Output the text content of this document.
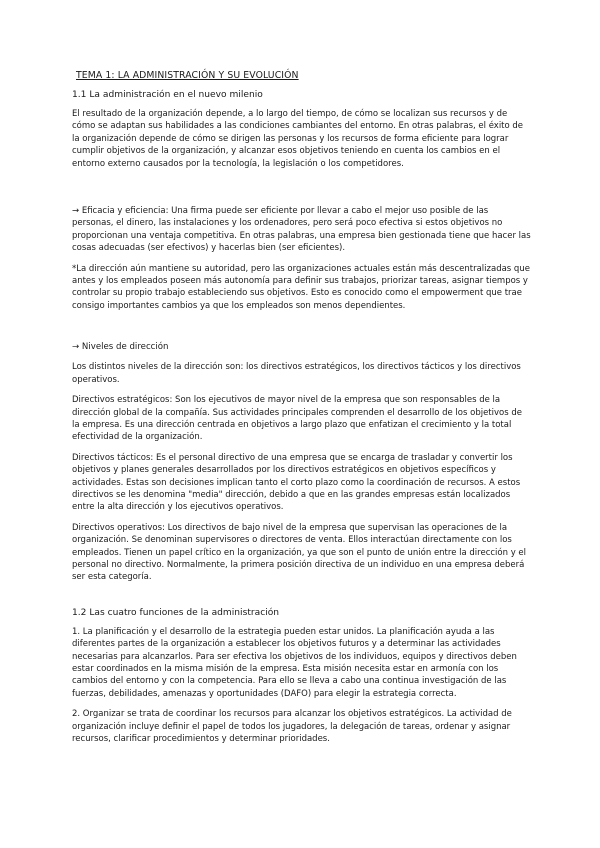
TEMA 1: LA ADMINISTRACIÓN Y SU EVOLUCIÓN
1.1 La administración en el nuevo milenio

El resultado de la organización depende, a lo largo del tiempo, de cómo se localizan sus recursos y de cómo se adaptan sus habilidades a las condiciones cambiantes del entorno. En otras palabras, el éxito de la organización depende de cómo se dirigen las personas y los recursos de forma eficiente para lograr cumplir objetivos de la organización, y alcanzar esos objetivos teniendo en cuenta los cambios en el entorno externo causados por la tecnología, la legislación o los competidores.

→ Eficacia y eficiencia: Una firma puede ser eficiente por llevar a cabo el mejor uso posible de las personas, el dinero, las instalaciones y los ordenadores, pero será poco efectiva si estos objetivos no proporcionan una ventaja competitiva. En otras palabras, una empresa bien gestionada tiene que hacer las cosas adecuadas (ser efectivos) y hacerlas bien (ser eficientes).

*La dirección aún mantiene su autoridad, pero las organizaciones actuales están más descentralizadas que antes y los empleados poseen más autonomía para definir sus trabajos, priorizar tareas, asignar tiempos y controlar su propio trabajo estableciendo sus objetivos. Esto es conocido como el empowerment que trae consigo importantes cambios ya que los empleados son menos dependientes.

→ Niveles de dirección

Los distintos niveles de la dirección son: los directivos estratégicos, los directivos tácticos y los directivos operativos.

Directivos estratégicos: Son los ejecutivos de mayor nivel de la empresa que son responsables de la dirección global de la compañía. Sus actividades principales comprenden el desarrollo de los objetivos de la empresa. Es una dirección centrada en objetivos a largo plazo que enfatizan el crecimiento y la total efectividad de la organización.

Directivos tácticos: Es el personal directivo de una empresa que se encarga de trasladar y convertir los objetivos y planes generales desarrollados por los directivos estratégicos en objetivos específicos y actividades. Estas son decisiones implican tanto el corto plazo como la coordinación de recursos. A estos directivos se les denomina "media" dirección, debido a que en las grandes empresas están localizados entre la alta dirección y los ejecutivos operativos.

Directivos operativos: Los directivos de bajo nivel de la empresa que supervisan las operaciones de la organización. Se denominan supervisores o directores de venta. Ellos interactúan directamente con los empleados. Tienen un papel crítico en la organización, ya que son el punto de unión entre la dirección y el personal no directivo. Normalmente, la primera posición directiva de un individuo en una empresa deberá ser esta categoría.

1.2 Las cuatro funciones de la administración

1. La planificación y el desarrollo de la estrategia pueden estar unidos. La planificación ayuda a las diferentes partes de la organización a establecer los objetivos futuros y a determinar las actividades necesarias para alcanzarlos. Para ser efectiva los objetivos de los individuos, equipos y directivos deben estar coordinados en la misma misión de la empresa. Esta misión necesita estar en armonía con los cambios del entorno y con la competencia. Para ello se lleva a cabo una continua investigación de las fuerzas, debilidades, amenazas y oportunidades (DAFO) para elegir la estrategia correcta.

2. Organizar se trata de coordinar los recursos para alcanzar los objetivos estratégicos. La actividad de organización incluye definir el papel de todos los jugadores, la delegación de tareas, ordenar y asignar recursos, clarificar procedimientos y determinar prioridades.
